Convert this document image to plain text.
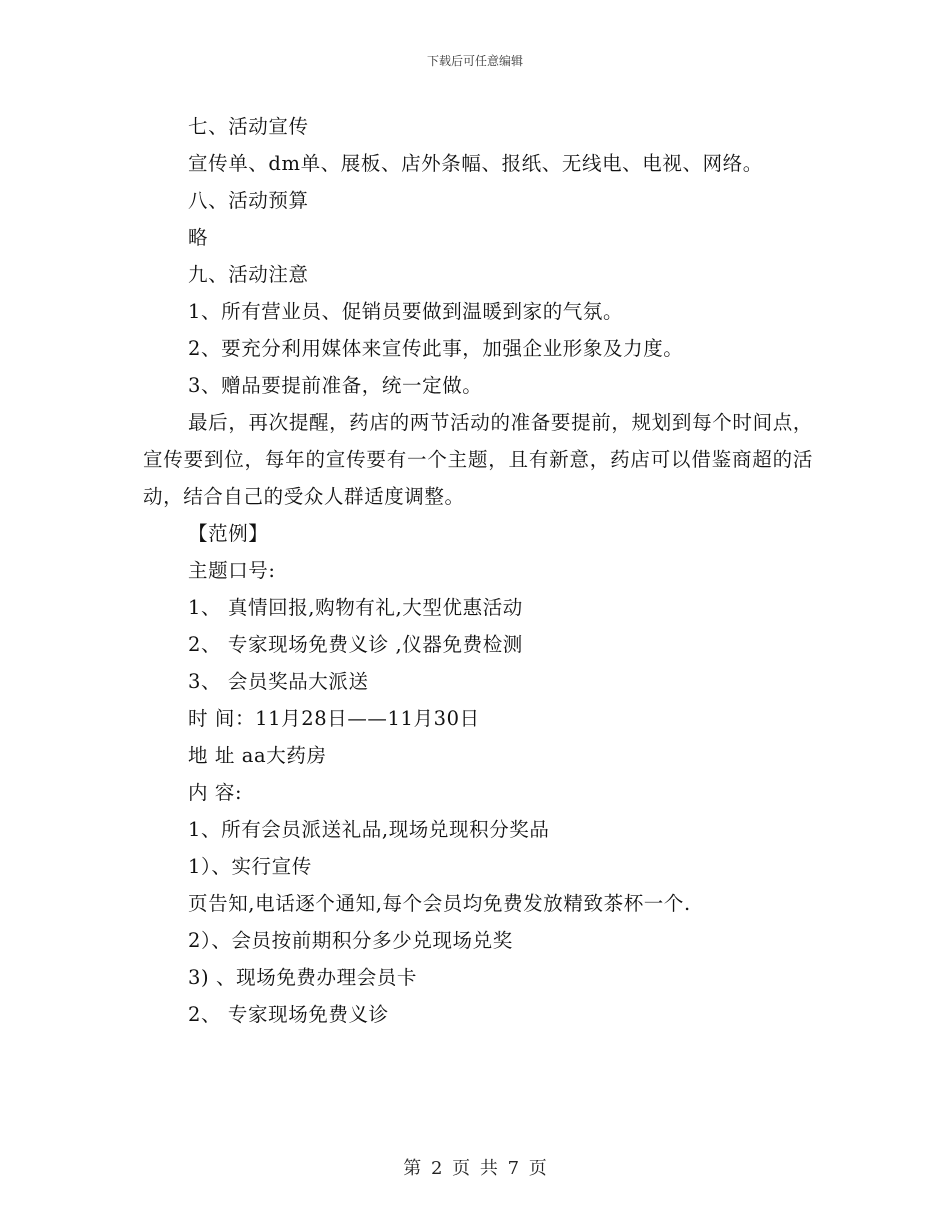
下载后可任意编辑
七、活动宣传
宣传单、dm单、展板、店外条幅、报纸、无线电、电视、网络。
八、活动预算
略
九、活动注意
1、所有营业员、促销员要做到温暖到家的气氛。
2、要充分利用媒体来宣传此事，加强企业形象及力度。
3、赠品要提前准备，统一定做。
最后，再次提醒，药店的两节活动的准备要提前，规划到每个时间点，宣传要到位，每年的宣传要有一个主题，且有新意，药店可以借鉴商超的活动，结合自己的受众人群适度调整。
【范例】
主题口号:
1、 真情回报,购物有礼,大型优惠活动
2、 专家现场免费义诊 ,仪器免费检测
3、 会员奖品大派送
时 间：11月28日——11月30日
地 址 aa大药房
内 容:
1、所有会员派送礼品,现场兑现积分奖品
1）、实行宣传
页告知,电话逐个通知,每个会员均免费发放精致茶杯一个.
2）、会员按前期积分多少兑现场兑奖
3) 、现场免费办理会员卡
2、 专家现场免费义诊
第 2 页 共 7 页
